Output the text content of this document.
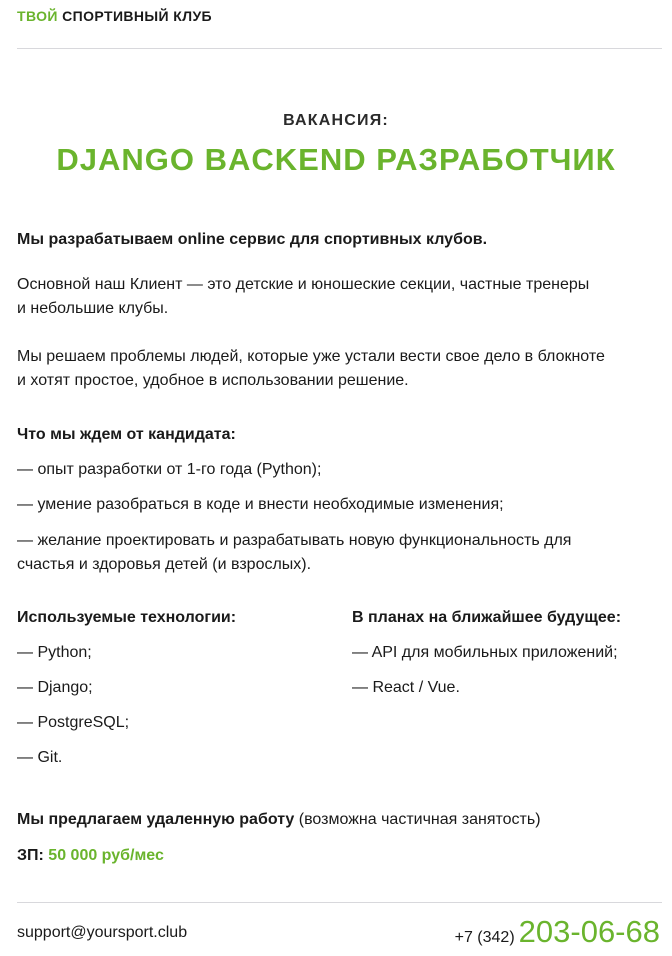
ТВОЙ СПОРТИВНЫЙ КЛУБ
ВАКАНСИЯ:
DJANGO BACKEND РАЗРАБОТЧИК

Мы разрабатываем online сервис для спортивных клубов.

Основной наш Клиент — это детские и юношеские секции, частные тренеры
и небольшие клубы.

Мы решаем проблемы людей, которые уже устали вести свое дело в блокноте
и хотят простое, удобное в использовании решение.

Что мы ждем от кандидата:

— опыт разработки от 1-го года (Python);

— умение разобраться в коде и внести необходимые изменения;

— желание проектировать и разрабатывать новую функциональность для
счастья и здоровья детей (и взрослых).

Используемые технологии:
— Python;
— Django;
— PostgreSQL;
— Git.
В планах на ближайшее будущее:
— API для мобильных приложений;
— React / Vue.

Мы предлагаем удаленную работу (возможна частичная занятость)

ЗП: 50 000 руб/мес
support@yoursport.club	+7 (342) 203-06-68
